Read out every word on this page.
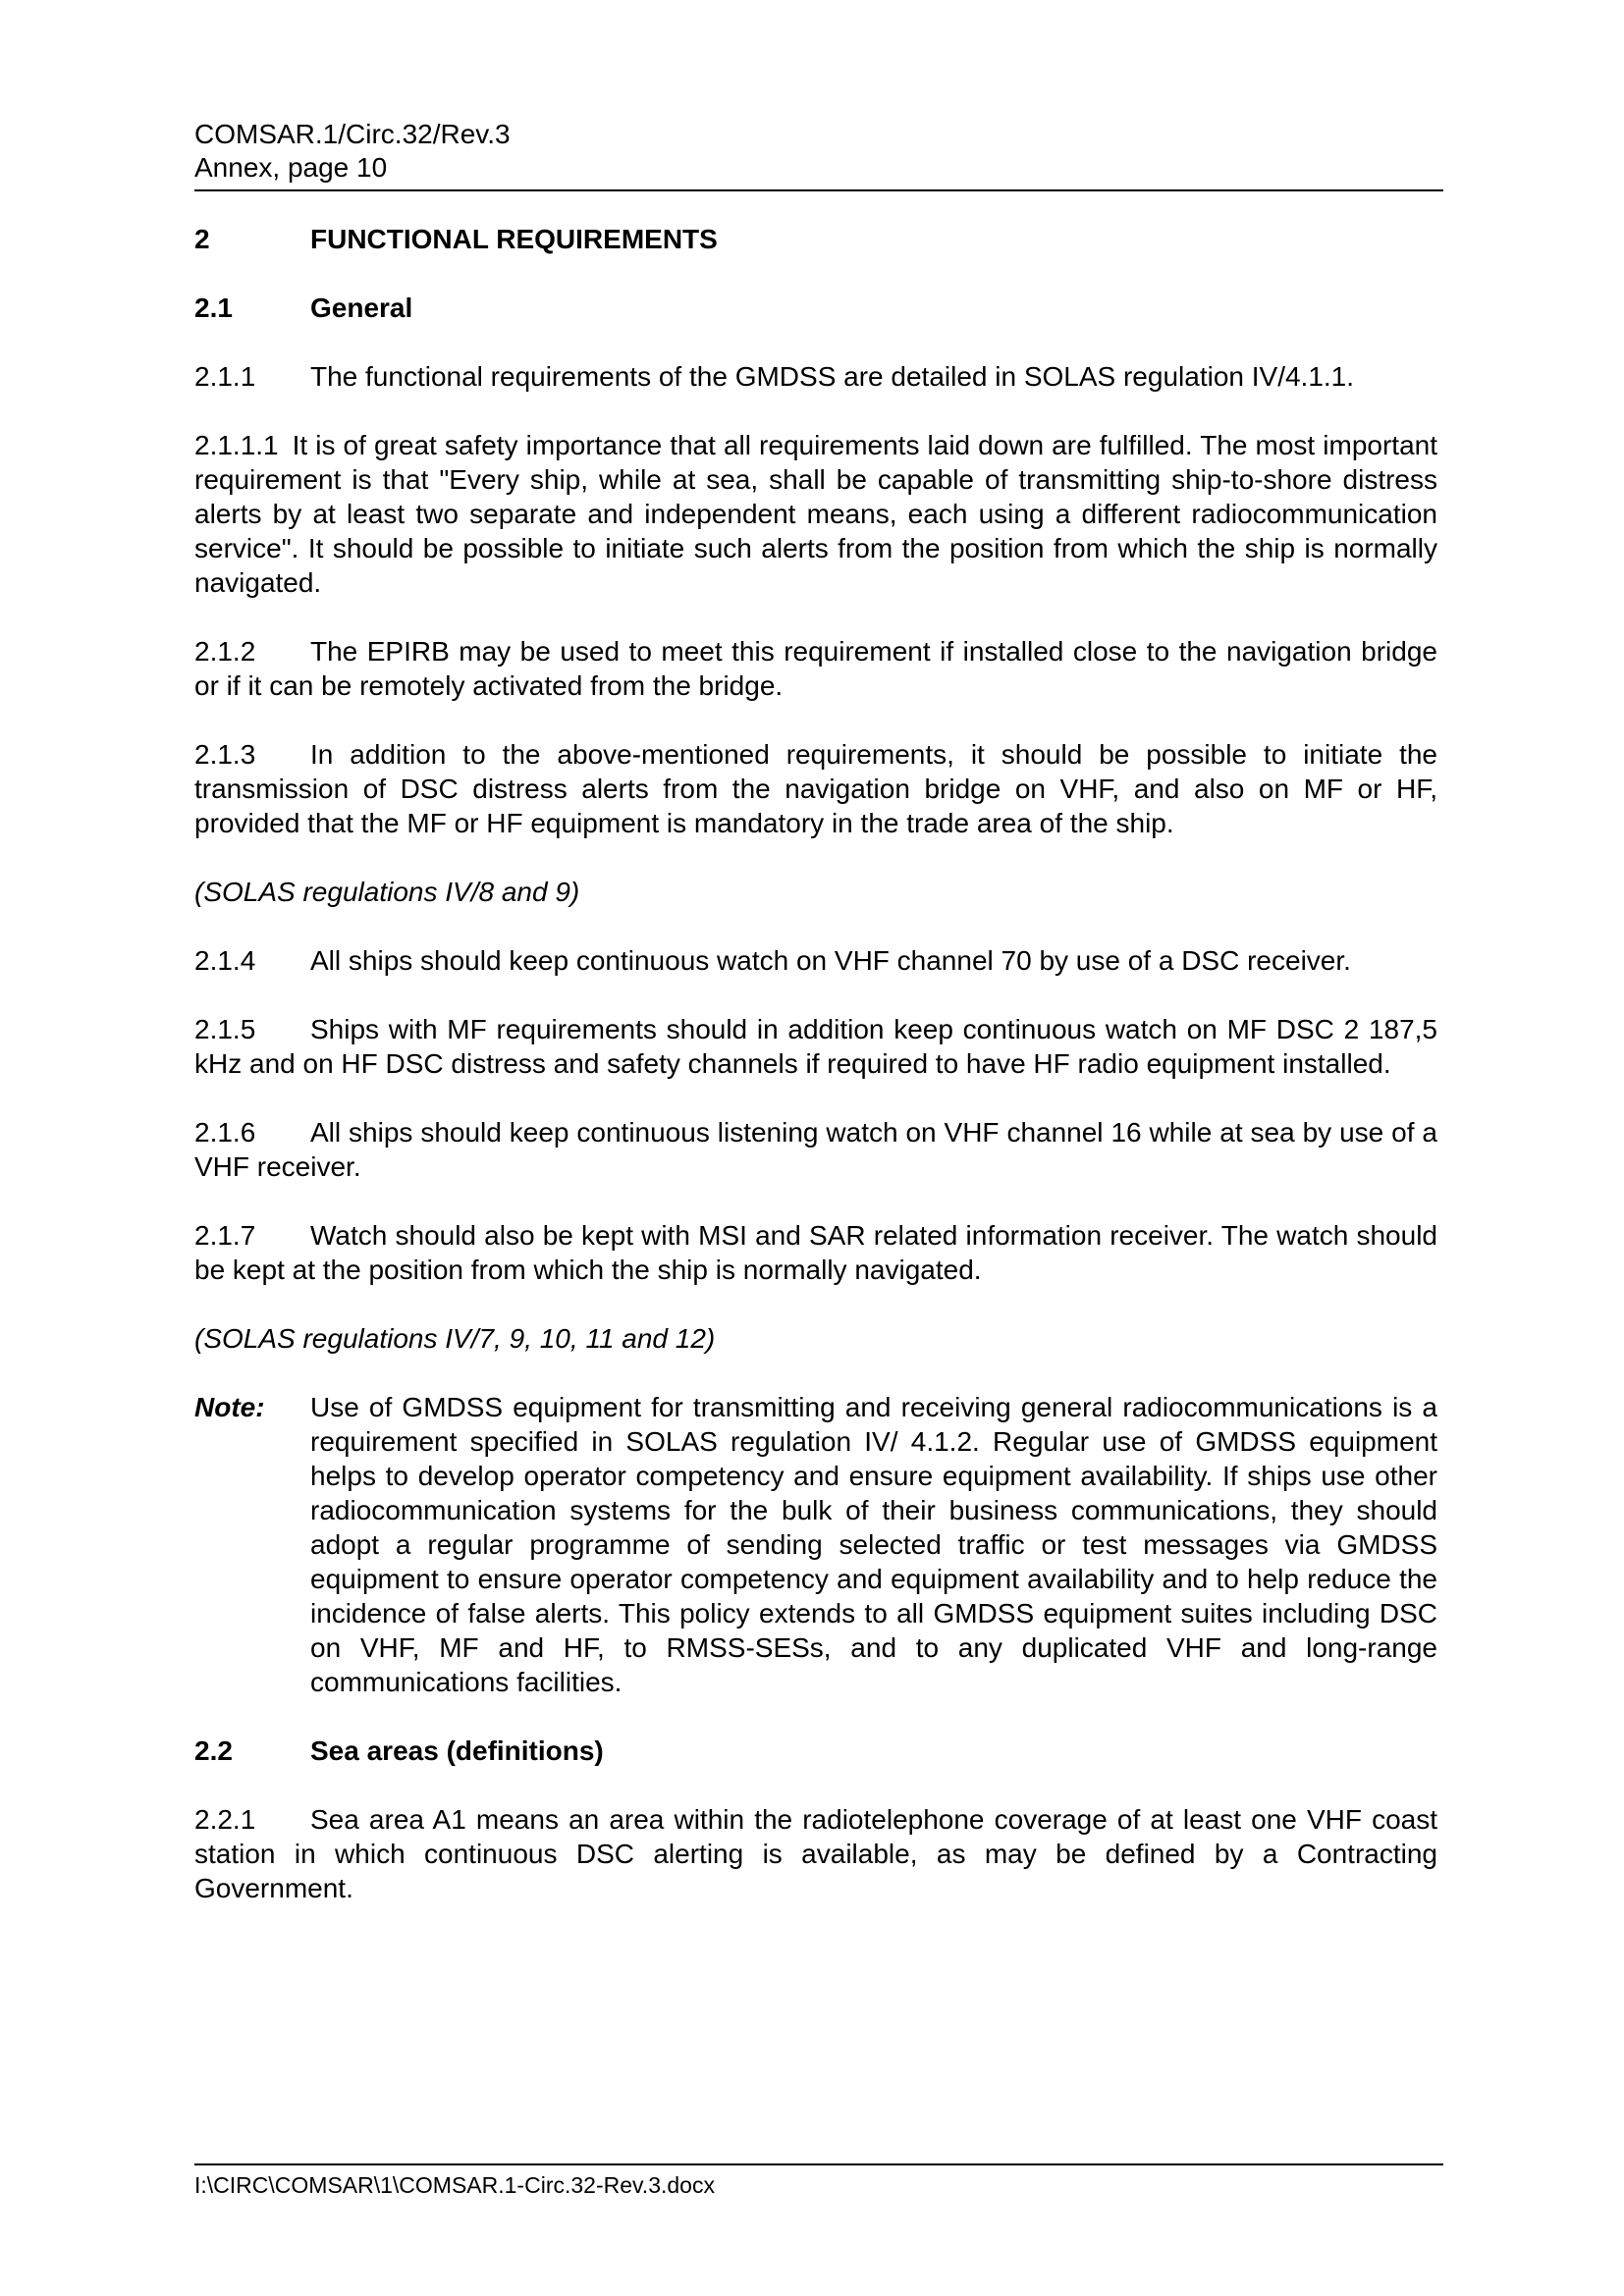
COMSAR.1/Circ.32/Rev.3
Annex, page 10
2	FUNCTIONAL REQUIREMENTS
2.1	General

2.1.1 The functional requirements of the GMDSS are detailed in SOLAS regulation IV/4.1.1.

2.1.1.1 It is of great safety importance that all requirements laid down are fulfilled. The most important requirement is that "Every ship, while at sea, shall be capable of transmitting ship-to-shore distress alerts by at least two separate and independent means, each using a different radiocommunication service". It should be possible to initiate such alerts from the position from which the ship is normally navigated.

2.1.2 The EPIRB may be used to meet this requirement if installed close to the navigation bridge or if it can be remotely activated from the bridge.

2.1.3 In addition to the above-mentioned requirements, it should be possible to initiate the transmission of DSC distress alerts from the navigation bridge on VHF, and also on MF or HF, provided that the MF or HF equipment is mandatory in the trade area of the ship.

(SOLAS regulations IV/8 and 9)

2.1.4 All ships should keep continuous watch on VHF channel 70 by use of a DSC receiver.

2.1.5 Ships with MF requirements should in addition keep continuous watch on MF DSC 2 187,5 kHz and on HF DSC distress and safety channels if required to have HF radio equipment installed.

2.1.6 All ships should keep continuous listening watch on VHF channel 16 while at sea by use of a VHF receiver.

2.1.7 Watch should also be kept with MSI and SAR related information receiver. The watch should be kept at the position from which the ship is normally navigated.

(SOLAS regulations IV/7, 9, 10, 11 and 12)

Note:	Use of GMDSS equipment for transmitting and receiving general radiocommunications is a requirement specified in SOLAS regulation IV/ 4.1.2. Regular use of GMDSS equipment helps to develop operator competency and ensure equipment availability. If ships use other radiocommunication systems for the bulk of their business communications, they should adopt a regular programme of sending selected traffic or test messages via GMDSS equipment to ensure operator competency and equipment availability and to help reduce the incidence of false alerts. This policy extends to all GMDSS equipment suites including DSC on VHF, MF and HF, to RMSS-SESs, and to any duplicated VHF and long-range communications facilities.
2.2	Sea areas (definitions)

2.2.1 Sea area A1 means an area within the radiotelephone coverage of at least one VHF coast station in which continuous DSC alerting is available, as may be defined by a Contracting Government.

I:\CIRC\COMSAR\1\COMSAR.1-Circ.32-Rev.3.docx
